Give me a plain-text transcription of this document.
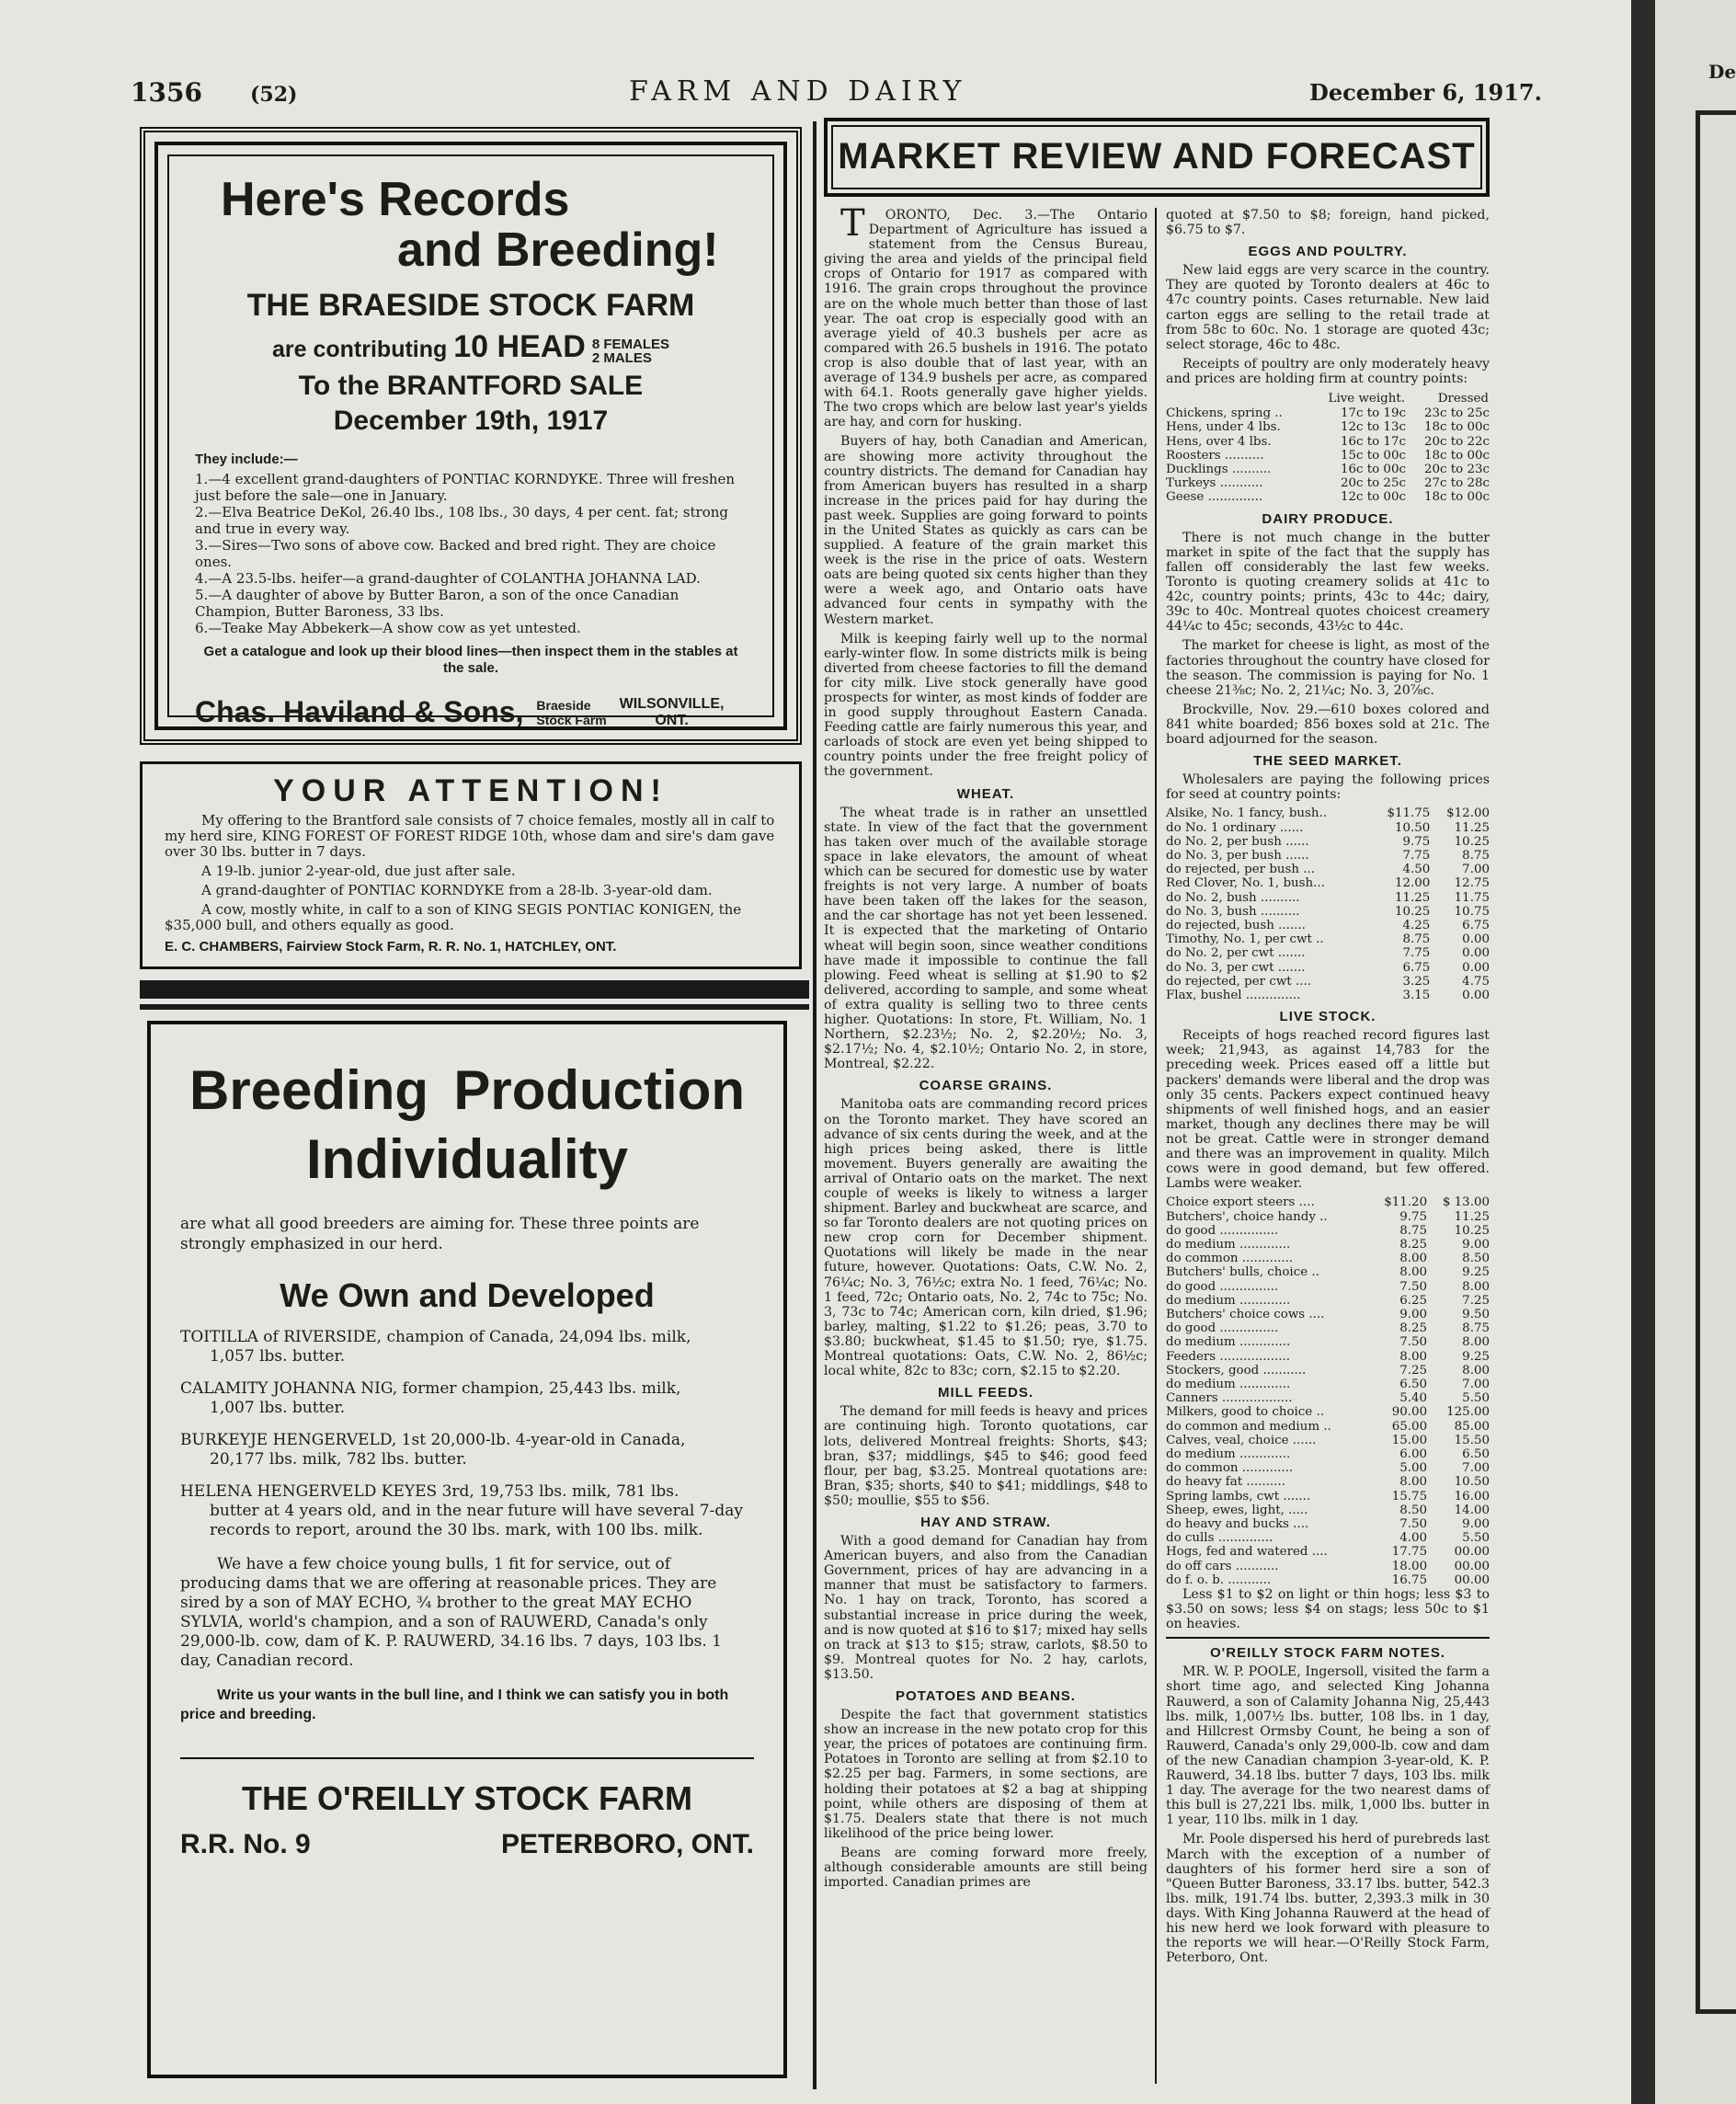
1356 (52)	FARM AND DAIRY	December 6, 1917.
Here's Records
and Breeding!
THE BRAESIDE STOCK FARM
are contributing 10 HEAD 8 FEMALES
2 MALES
To the BRANTFORD SALE
December 19th, 1917
They include:—
1.—4 excellent grand-daughters of PONTIAC KORNDYKE. Three will freshen just before the sale—one in January.
2.—Elva Beatrice DeKol, 26.40 lbs., 108 lbs., 30 days, 4 per cent. fat; strong and true in every way.
3.—Sires—Two sons of above cow. Backed and bred right. They are choice ones.
4.—A 23.5-lbs. heifer—a grand-daughter of COLANTHA JOHANNA LAD.
5.—A daughter of above by Butter Baron, a son of the once Canadian Champion, Butter Baroness, 33 lbs.
6.—Teake May Abbekerk—A show cow as yet untested.
Get a catalogue and look up their blood lines—then inspect them in the stables at the sale.
Chas. Haviland & Sons, Braeside
Stock Farm
WILSONVILLE,
ONT.
YOUR ATTENTION!

My offering to the Brantford sale consists of 7 choice females, mostly all in calf to my herd sire, KING FOREST OF FOREST RIDGE 10th, whose dam and sire's dam gave over 30 lbs. butter in 7 days.

A 19-lb. junior 2-year-old, due just after sale.

A grand-daughter of PONTIAC KORNDYKE from a 28-lb. 3-year-old dam.

A cow, mostly white, in calf to a son of KING SEGIS PONTIAC KONIGEN, the $35,000 bull, and others equally as good.

E. C. CHAMBERS, Fairview Stock Farm, R. R. No. 1, HATCHLEY, ONT.
Breeding Production
Individuality
are what all good breeders are aiming for. These three points are strongly emphasized in our herd.
We Own and Developed
TOITILLA of RIVERSIDE, champion of Canada, 24,094 lbs. milk,
1,057 lbs. butter.
CALAMITY JOHANNA NIG, former champion, 25,443 lbs. milk,
1,007 lbs. butter.
BURKEYJE HENGERVELD, 1st 20,000-lb. 4-year-old in Canada,
20,177 lbs. milk, 782 lbs. butter.
HELENA HENGERVELD KEYES 3rd, 19,753 lbs. milk, 781 lbs.
butter at 4 years old, and in the near future will have several 7-day records to report, around the 30 lbs. mark, with 100 lbs. milk.
We have a few choice young bulls, 1 fit for service, out of producing dams that we are offering at reasonable prices. They are sired by a son of MAY ECHO, ¾ brother to the great MAY ECHO SYLVIA, world's champion, and a son of RAUWERD, Canada's only 29,000-lb. cow, dam of K. P. RAUWERD, 34.16 lbs. 7 days, 103 lbs. 1 day, Canadian record.
Write us your wants in the bull line, and I think we can satisfy you in both price and breeding.
THE O'REILLY STOCK FARM
R.R. No. 9	PETERBORO, ONT.
MARKET REVIEW AND FORECAST

TORONTO, Dec. 3.—The Ontario Department of Agriculture has issued a statement from the Census Bureau, giving the area and yields of the principal field crops of Ontario for 1917 as compared with 1916. The grain crops throughout the province are on the whole much better than those of last year. The oat crop is especially good with an average yield of 40.3 bushels per acre as compared with 26.5 bushels in 1916. The potato crop is also double that of last year, with an average of 134.9 bushels per acre, as compared with 64.1. Roots generally gave higher yields. The two crops which are below last year's yields are hay, and corn for husking.

Buyers of hay, both Canadian and American, are showing more activity throughout the country districts. The demand for Canadian hay from American buyers has resulted in a sharp increase in the prices paid for hay during the past week. Supplies are going forward to points in the United States as quickly as cars can be supplied. A feature of the grain market this week is the rise in the price of oats. Western oats are being quoted six cents higher than they were a week ago, and Ontario oats have advanced four cents in sympathy with the Western market.

Milk is keeping fairly well up to the normal early-winter flow. In some districts milk is being diverted from cheese factories to fill the demand for city milk. Live stock generally have good prospects for winter, as most kinds of fodder are in good supply throughout Eastern Canada. Feeding cattle are fairly numerous this year, and carloads of stock are even yet being shipped to country points under the free freight policy of the government.

WHEAT.

The wheat trade is in rather an unsettled state. In view of the fact that the government has taken over much of the available storage space in lake elevators, the amount of wheat which can be secured for domestic use by water freights is not very large. A number of boats have been taken off the lakes for the season, and the car shortage has not yet been lessened. It is expected that the marketing of Ontario wheat will begin soon, since weather conditions have made it impossible to continue the fall plowing. Feed wheat is selling at $1.90 to $2 delivered, according to sample, and some wheat of extra quality is selling two to three cents higher. Quotations: In store, Ft. William, No. 1 Northern, $2.23½; No. 2, $2.20½; No. 3, $2.17½; No. 4, $2.10½; Ontario No. 2, in store, Montreal, $2.22.

COARSE GRAINS.

Manitoba oats are commanding record prices on the Toronto market. They have scored an advance of six cents during the week, and at the high prices being asked, there is little movement. Buyers generally are awaiting the arrival of Ontario oats on the market. The next couple of weeks is likely to witness a larger shipment. Barley and buckwheat are scarce, and so far Toronto dealers are not quoting prices on new crop corn for December shipment. Quotations will likely be made in the near future, however. Quotations: Oats, C.W. No. 2, 76¼c; No. 3, 76½c; extra No. 1 feed, 76¼c; No. 1 feed, 72c; Ontario oats, No. 2, 74c to 75c; No. 3, 73c to 74c; American corn, kiln dried, $1.96; barley, malting, $1.22 to $1.26; peas, 3.70 to $3.80; buckwheat, $1.45 to $1.50; rye, $1.75. Montreal quotations: Oats, C.W. No. 2, 86½c; local white, 82c to 83c; corn, $2.15 to $2.20.

MILL FEEDS.

The demand for mill feeds is heavy and prices are continuing high. Toronto quotations, car lots, delivered Montreal freights: Shorts, $43; bran, $37; middlings, $45 to $46; good feed flour, per bag, $3.25. Montreal quotations are: Bran, $35; shorts, $40 to $41; middlings, $48 to $50; moullie, $55 to $56.

HAY AND STRAW.

With a good demand for Canadian hay from American buyers, and also from the Canadian Government, prices of hay are advancing in a manner that must be satisfactory to farmers. No. 1 hay on track, Toronto, has scored a substantial increase in price during the week, and is now quoted at $16 to $17; mixed hay sells on track at $13 to $15; straw, carlots, $8.50 to $9. Montreal quotes for No. 2 hay, carlots, $13.50.

POTATOES AND BEANS.

Despite the fact that government statistics show an increase in the new potato crop for this year, the prices of potatoes are continuing firm. Potatoes in Toronto are selling at from $2.10 to $2.25 per bag. Farmers, in some sections, are holding their potatoes at $2 a bag at shipping point, while others are disposing of them at $1.75. Dealers state that there is not much likelihood of the price being lower.

Beans are coming forward more freely, although considerable amounts are still being imported. Canadian primes are

quoted at $7.50 to $8; foreign, hand picked, $6.75 to $7.

EGGS AND POULTRY.

New laid eggs are very scarce in the country. They are quoted by Toronto dealers at 46c to 47c country points. Cases returnable. New laid carton eggs are selling to the retail trade at from 58c to 60c. No. 1 storage are quoted 43c; select storage, 46c to 48c.

Receipts of poultry are only moderately heavy and prices are holding firm at country points:

	Live weight.	Dressed
Chickens, spring ..	17c to 19c	23c to 25c
Hens, under 4 lbs.	12c to 13c	18c to 00c
Hens, over 4 lbs.	16c to 17c	20c to 22c
Roosters ..........	15c to 00c	18c to 00c
Ducklings ..........	16c to 00c	20c to 23c
Turkeys ...........	20c to 25c	27c to 28c
Geese ..............	12c to 00c	18c to 00c
DAIRY PRODUCE.

There is not much change in the butter market in spite of the fact that the supply has fallen off considerably the last few weeks. Toronto is quoting creamery solids at 41c to 42c, country points; prints, 43c to 44c; dairy, 39c to 40c. Montreal quotes choicest creamery 44¼c to 45c; seconds, 43½c to 44c.

The market for cheese is light, as most of the factories throughout the country have closed for the season. The commission is paying for No. 1 cheese 21⅜c; No. 2, 21¼c; No. 3, 20⅞c.

Brockville, Nov. 29.—610 boxes colored and 841 white boarded; 856 boxes sold at 21c. The board adjourned for the season.

THE SEED MARKET.

Wholesalers are paying the following prices for seed at country points:

Alsike, No. 1 fancy, bush..	$11.75	$12.00
do No. 1 ordinary ......	10.50	11.25
do No. 2, per bush ......	9.75	10.25
do No. 3, per bush ......	7.75	8.75
do rejected, per bush ...	4.50	7.00
Red Clover, No. 1, bush...	12.00	12.75
do No. 2, bush ..........	11.25	11.75
do No. 3, bush ..........	10.25	10.75
do rejected, bush .......	4.25	6.75
Timothy, No. 1, per cwt ..	8.75	0.00
do No. 2, per cwt .......	7.75	0.00
do No. 3, per cwt .......	6.75	0.00
do rejected, per cwt ....	3.25	4.75
Flax, bushel ..............	3.15	0.00
LIVE STOCK.

Receipts of hogs reached record figures last week; 21,943, as against 14,783 for the preceding week. Prices eased off a little but packers' demands were liberal and the drop was only 35 cents. Packers expect continued heavy shipments of well finished hogs, and an easier market, though any declines there may be will not be great. Cattle were in stronger demand and there was an improvement in quality. Milch cows were in good demand, but few offered. Lambs were weaker.

Choice export steers ....	$11.20	$ 13.00
Butchers', choice handy ..	9.75	11.25
do good ...............	8.75	10.25
do medium .............	8.25	9.00
do common .............	8.00	8.50
Butchers' bulls, choice ..	8.00	9.25
do good ...............	7.50	8.00
do medium .............	6.25	7.25
Butchers' choice cows ....	9.00	9.50
do good ...............	8.25	8.75
do medium .............	7.50	8.00
Feeders ..................	8.00	9.25
Stockers, good ...........	7.25	8.00
do medium .............	6.50	7.00
Canners ..................	5.40	5.50
Milkers, good to choice ..	90.00	125.00
do common and medium ..	65.00	85.00
Calves, veal, choice ......	15.00	15.50
do medium .............	6.00	6.50
do common .............	5.00	7.00
do heavy fat ..........	8.00	10.50
Spring lambs, cwt .......	15.75	16.00
Sheep, ewes, light, .....	8.50	14.00
do heavy and bucks ....	7.50	9.00
do culls ..............	4.00	5.50
Hogs, fed and watered ....	17.75	00.00
do off cars ...........	18.00	00.00
do f. o. b. ...........	16.75	00.00

Less $1 to $2 on light or thin hogs; less $3 to $3.50 on sows; less $4 on stags; less 50c to $1 on heavies.

O'REILLY STOCK FARM NOTES.

MR. W. P. POOLE, Ingersoll, visited the farm a short time ago, and selected King Johanna Rauwerd, a son of Calamity Johanna Nig, 25,443 lbs. milk, 1,007½ lbs. butter, 108 lbs. in 1 day, and Hillcrest Ormsby Count, he being a son of Rauwerd, Canada's only 29,000-lb. cow and dam of the new Canadian champion 3-year-old, K. P. Rauwerd, 34.18 lbs. butter 7 days, 103 lbs. milk 1 day. The average for the two nearest dams of this bull is 27,221 lbs. milk, 1,000 lbs. butter in 1 year, 110 lbs. milk in 1 day.

Mr. Poole dispersed his herd of purebreds last March with the exception of a number of daughters of his former herd sire a son of "Queen Butter Baroness, 33.17 lbs. butter, 542.3 lbs. milk, 191.74 lbs. butter, 2,393.3 milk in 30 days. With King Johanna Rauwerd at the head of his new herd we look forward with pleasure to the reports we will hear.—O'Reilly Stock Farm, Peterboro, Ont.

De
